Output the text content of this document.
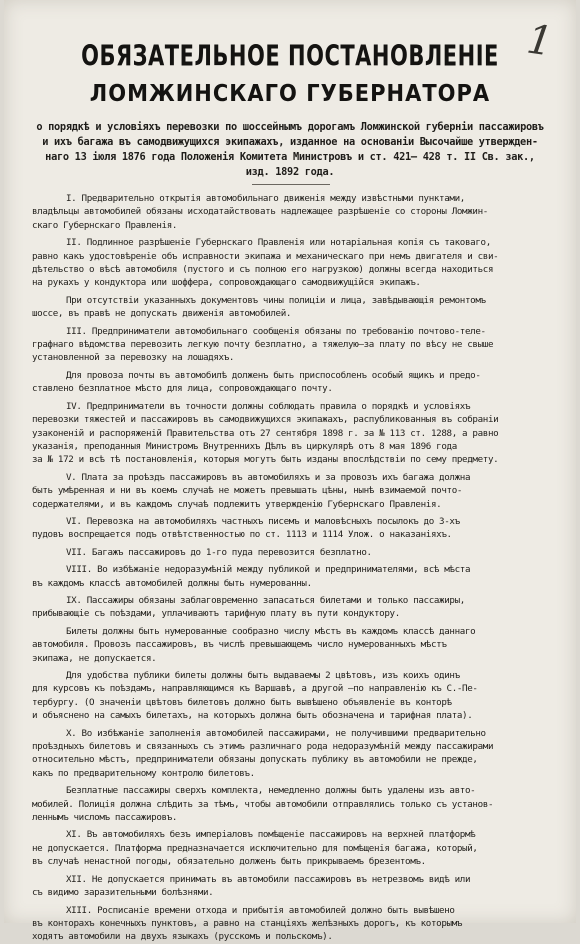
1
ОБЯЗАТЕЛЬНОЕ ПОСТАНОВЛЕНІЕ
ЛОМЖИНСКАГО ГУБЕРНАТОРА
о порядкѣ и условіяхъ перевозки по шоссейнымъ дорогамъ Ломжинской губерніи пассажировъ
и ихъ багажа въ самодвижущихся экипажахъ, изданное на основаніи Высочайше утвержден-
наго 13 іюля 1876 года Положенія Комитета Министровъ и ст. 421— 428 т. II Св. зак.,
изд. 1892 года.
I. Предварительно открытія автомобильнаго движенія между извѣстными пунктами,
владѣльцы автомобилей обязаны исходатайствовать надлежащее разрѣшеніе со стороны Ломжин-
скаго Губернскаго Правленія.
II. Подлинное разрѣшеніе Губернскаго Правленія или нотаріальная копія съ таковаго,
равно какъ удостовѣреніе объ исправности экипажа и механическаго при немъ двигателя и сви-
дѣтельство о вѣсѣ автомобиля (пустого и съ полною его нагрузкою) должны всегда находиться
на рукахъ у кондуктора или шоффера, сопровождающаго самодвижущійся экипажъ.
При отсутствіи указанныхъ документовъ чины полиціи и лица, завѣдывающія ремонтомъ
шоссе, въ правѣ не допускать движенія автомобилей.
III. Предприниматели автомобильнаго сообщенія обязаны по требованію почтово-теле-
графнаго вѣдомства перевозить легкую почту безплатно, а тяжелую—за плату по вѣсу не свыше
установленной за перевозку на лошадяхъ.
Для провоза почты въ автомобилѣ долженъ быть приспособленъ особый ящикъ и предо-
ставлено безплатное мѣсто для лица, сопровождающаго почту.
IV. Предприниматели въ точности должны соблюдать правила о порядкѣ и условіяхъ
перевозки тяжестей и пассажировъ въ самодвижущихся экипажахъ, распубликованныя въ собраніи
узаконеній и распоряженій Правительства отъ 27 сентября 1898 г. за № 113 ст. 1288, а равно
указанія, преподанныя Министромъ Внутреннихъ Дѣлъ въ циркулярѣ отъ 8 мая 1896 года
за № 172 и всѣ тѣ постановленія, которыя могутъ быть изданы впослѣдствіи по сему предмету.
V. Плата за проѣздъ пассажировъ въ автомобиляхъ и за провозъ ихъ багажа должна
быть умѣренная и ни въ коемъ случаѣ не можетъ превышать цѣны, нынѣ взимаемой почто-
содержателями, и въ каждомъ случаѣ подлежитъ утвержденію Губернскаго Правленія.
VI. Перевозка на автомобиляхъ частныхъ писемъ и маловѣсныхъ посылокъ до 3-хъ
пудовъ воспрещается подъ отвѣтственностью по ст. 1113 и 1114 Улож. о наказаніяхъ.
VII. Багажъ пассажировъ до 1-го пуда перевозится безплатно.
VIII. Во избѣжаніе недоразумѣній между публикой и предпринимателями, всѣ мѣста
въ каждомъ классѣ автомобилей должны быть нумерованны.
IX. Пассажиры обязаны заблаговременно запасаться билетами и только пассажиры,
прибывающіе съ поѣздами, уплачиваютъ тарифную плату въ пути кондуктору.
Билеты должны быть нумерованные сообразно числу мѣстъ въ каждомъ классѣ даннаго
автомобиля. Провозъ пассажировъ, въ числѣ превышающемъ число нумерованныхъ мѣстъ
экипажа, не допускается.
Для удобства публики билеты должны быть выдаваемы 2 цвѣтовъ, изъ коихъ одинъ
для курсовъ къ поѣздамъ, направляющимся къ Варшавѣ, а другой —по направленію къ С.-Пе-
тербургу. (О значеніи цвѣтовъ билетовъ должно быть вывѣшено объявленіе въ конторѣ
и объяснено на самыхъ билетахъ, на которыхъ должна быть обозначена и тарифная плата).
X. Во избѣжаніе заполненія автомобилей пассажирами, не получившими предварительно
проѣздныхъ билетовъ и связанныхъ съ этимъ различнаго рода недоразумѣній между пассажирами
относительно мѣстъ, предприниматели обязаны допускать публику въ автомобили не прежде,
какъ по предварительному контролю билетовъ.
Безплатные пассажиры сверхъ комплекта, немедленно должны быть удалены изъ авто-
мобилей. Полиція должна слѣдить за тѣмъ, чтобы автомобили отправлялись только съ установ-
леннымъ числомъ пассажировъ.
XI. Въ автомобиляхъ безъ имперіаловъ помѣщеніе пассажировъ на верхней платформѣ
не допускается. Платформа предназначается исключительно для помѣщенія багажа, который,
въ случаѣ ненастной погоды, обязательно долженъ быть прикрываемъ брезентомъ.
XII. Не допускается принимать въ автомобили пассажировъ въ нетрезвомъ видѣ или
съ видимо заразительными болѣзнями.
XIII. Росписаніе времени отхода и прибытія автомобилей должно быть вывѣшено
въ конторахъ конечныхъ пунктовъ, а равно на станціяхъ желѣзныхъ дорогъ, къ которымъ
ходятъ автомобили на двухъ языкахъ (русскомъ и польскомъ).
